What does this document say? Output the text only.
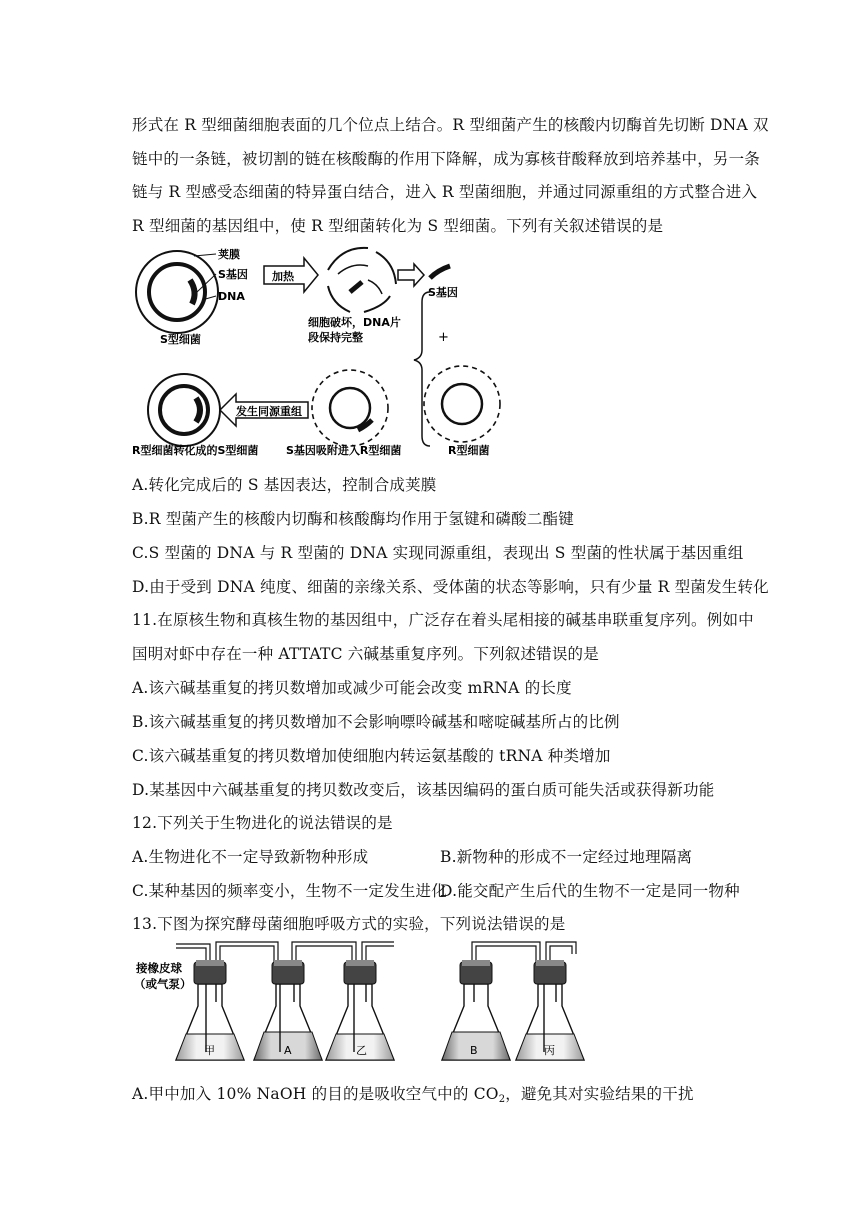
形式在 R 型细菌细胞表面的几个位点上结合。R 型细菌产生的核酸内切酶首先切断 DNA 双
链中的一条链，被切割的链在核酸酶的作用下降解，成为寡核苷酸释放到培养基中，另一条
链与 R 型感受态细菌的特异蛋白结合，进入 R 型菌细胞，并通过同源重组的方式整合进入
R 型细菌的基因组中，使 R 型细菌转化为 S 型细菌。下列有关叙述错误的是
荚膜
S基因
DNA
S型细菌
加热
细胞破坏，DNA片
段保持完整
S基因
+
R型细菌
S基因吸附进入R型细菌
发生同源重组
R型细菌转化成的S型细菌
A.转化完成后的 S 基因表达，控制合成荚膜
B.R 型菌产生的核酸内切酶和核酸酶均作用于氢键和磷酸二酯键
C.S 型菌的 DNA 与 R 型菌的 DNA 实现同源重组，表现出 S 型菌的性状属于基因重组
D.由于受到 DNA 纯度、细菌的亲缘关系、受体菌的状态等影响，只有少量 R 型菌发生转化
11.在原核生物和真核生物的基因组中，广泛存在着头尾相接的碱基串联重复序列。例如中
国明对虾中存在一种 ATTATC 六碱基重复序列。下列叙述错误的是
A.该六碱基重复的拷贝数增加或减少可能会改变 mRNA 的长度
B.该六碱基重复的拷贝数增加不会影响嘌呤碱基和嘧啶碱基所占的比例
C.该六碱基重复的拷贝数增加使细胞内转运氨基酸的 tRNA 种类增加
D.某基因中六碱基重复的拷贝数改变后，该基因编码的蛋白质可能失活或获得新功能
12.下列关于生物进化的说法错误的是
A.生物进化不一定导致新物种形成	B.新物种的形成不一定经过地理隔离
C.某种基因的频率变小，生物不一定发生进化
D.能交配产生后代的生物不一定是同一物种
13.下图为探究酵母菌细胞呼吸方式的实验，下列说法错误的是
接橡皮球
（或气泵）
甲	A	乙	B	丙
A.甲中加入 10% NaOH 的目的是吸收空气中的 $CO_2$，避免其对实验结果的干扰
